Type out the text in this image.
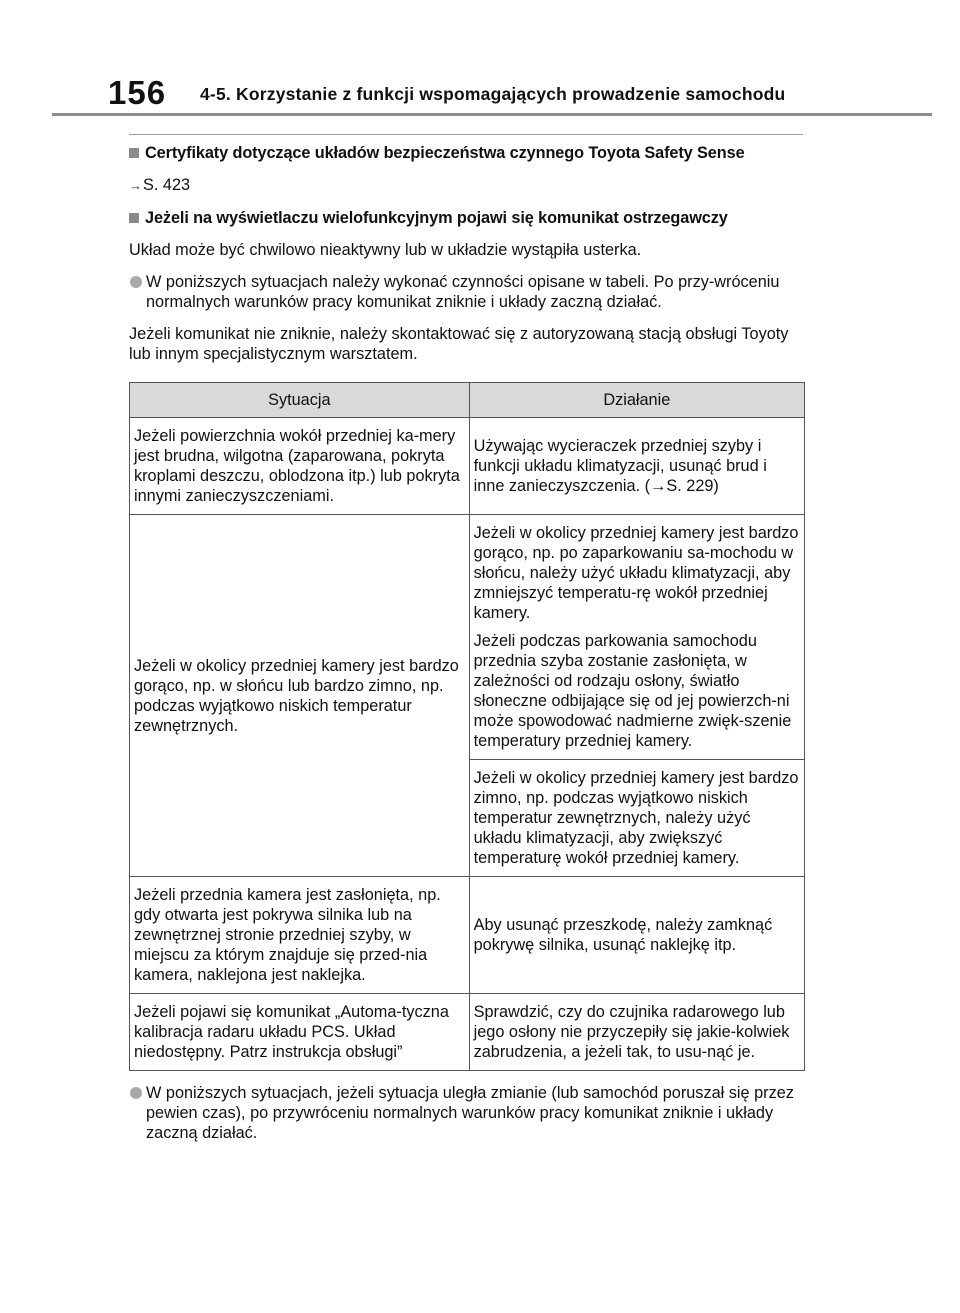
156 4-5. Korzystanie z funkcji wspomagających prowadzenie samochodu
Certyfikaty dotyczące układów bezpieczeństwa czynnego Toyota Safety Sense
→S. 423
Jeżeli na wyświetlaczu wielofunkcyjnym pojawi się komunikat ostrzegawczy

Układ może być chwilowo nieaktywny lub w układzie wystąpiła usterka.

W poniższych sytuacjach należy wykonać czynności opisane w tabeli. Po przy-wróceniu normalnych warunków pracy komunikat zniknie i układy zaczną działać.

Jeżeli komunikat nie zniknie, należy skontaktować się z autoryzowaną stacją obsługi Toyoty lub innym specjalistycznym warsztatem.

Sytuacja	Działanie
Jeżeli powierzchnia wokół przedniej ka-mery jest brudna, wilgotna (zaparowana, pokryta kroplami deszczu, oblodzona itp.) lub pokryta innymi zanieczyszczeniami.	Używając wycieraczek przedniej szyby i funkcji układu klimatyzacji, usunąć brud i inne zanieczyszczenia. (→S. 229)
Jeżeli w okolicy przedniej kamery jest bardzo gorąco, np. w słońcu lub bardzo zimno, np. podczas wyjątkowo niskich temperatur zewnętrznych.	Jeżeli w okolicy przedniej kamery jest bardzo gorąco, np. po zaparkowaniu sa-mochodu w słońcu, należy użyć układu klimatyzacji, aby zmniejszyć temperatu-rę wokół przedniej kamery.
Jeżeli podczas parkowania samochodu przednia szyba zostanie zasłonięta, w zależności od rodzaju osłony, światło słoneczne odbijające się od jej powierzch-ni może spowodować nadmierne zwięk-szenie temperatury przedniej kamery.

	Jeżeli w okolicy przedniej kamery jest bardzo zimno, np. podczas wyjątkowo niskich temperatur zewnętrznych, należy użyć układu klimatyzacji, aby zwiększyć temperaturę wokół przedniej kamery.
Jeżeli przednia kamera jest zasłonięta, np. gdy otwarta jest pokrywa silnika lub na zewnętrznej stronie przedniej szyby, w miejscu za którym znajduje się przed-nia kamera, naklejona jest naklejka.	Aby usunąć przeszkodę, należy zamknąć pokrywę silnika, usunąć naklejkę itp.
Jeżeli pojawi się komunikat „Automa-tyczna kalibracja radaru układu PCS. Układ niedostępny. Patrz instrukcja obsługi”	Sprawdzić, czy do czujnika radarowego lub jego osłony nie przyczepiły się jakie-kolwiek zabrudzenia, a jeżeli tak, to usu-nąć je.
W poniższych sytuacjach, jeżeli sytuacja uległa zmianie (lub samochód poruszał się przez pewien czas), po przywróceniu normalnych warunków pracy komunikat zniknie i układy zaczną działać.
